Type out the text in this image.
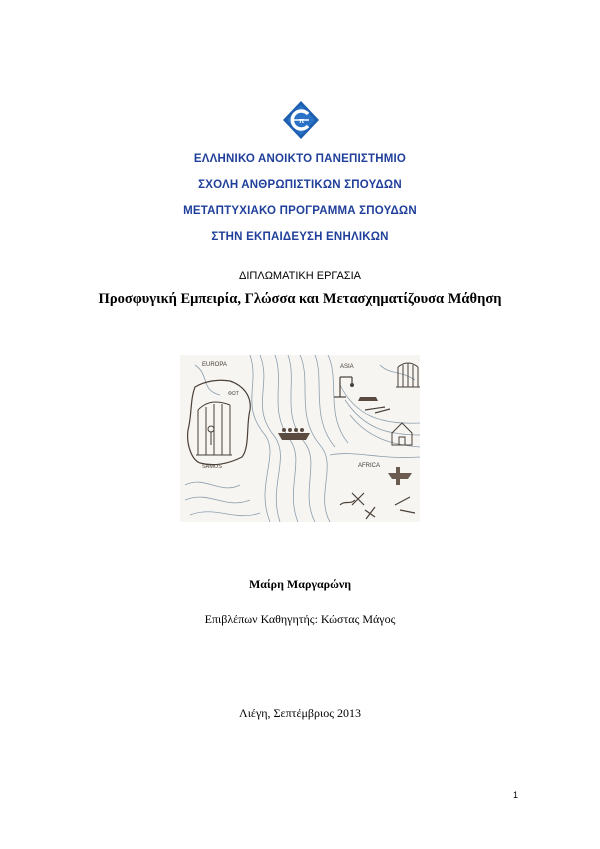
π
ΕΛΛΗΝΙΚΟ ΑΝΟΙΚΤΟ ΠΑΝΕΠΙΣΤΗΜΙΟ
ΣΧΟΛΗ ΑΝΘΡΩΠΙΣΤΙΚΩΝ ΣΠΟΥΔΩΝ
ΜΕΤΑΠΤΥΧΙΑΚΟ ΠΡΟΓΡΑΜΜΑ ΣΠΟΥΔΩΝ
ΣΤΗΝ ΕΚΠΑΙΔΕΥΣΗ ΕΝΗΛΙΚΩΝ
ΔΙΠΛΩΜΑΤΙΚΗ ΕΡΓΑΣΙΑ
Προσφυγική Εμπειρία, Γλώσσα και Μετασχηματίζουσα Μάθηση
EUROPA
ΦΩΤ
SAMOS
ASIA
AFRICA
Μαίρη Μαργαρώνη
Επιβλέπων Καθηγητής: Κώστας Μάγος
Λιέγη, Σεπτέμβριος 2013
1
